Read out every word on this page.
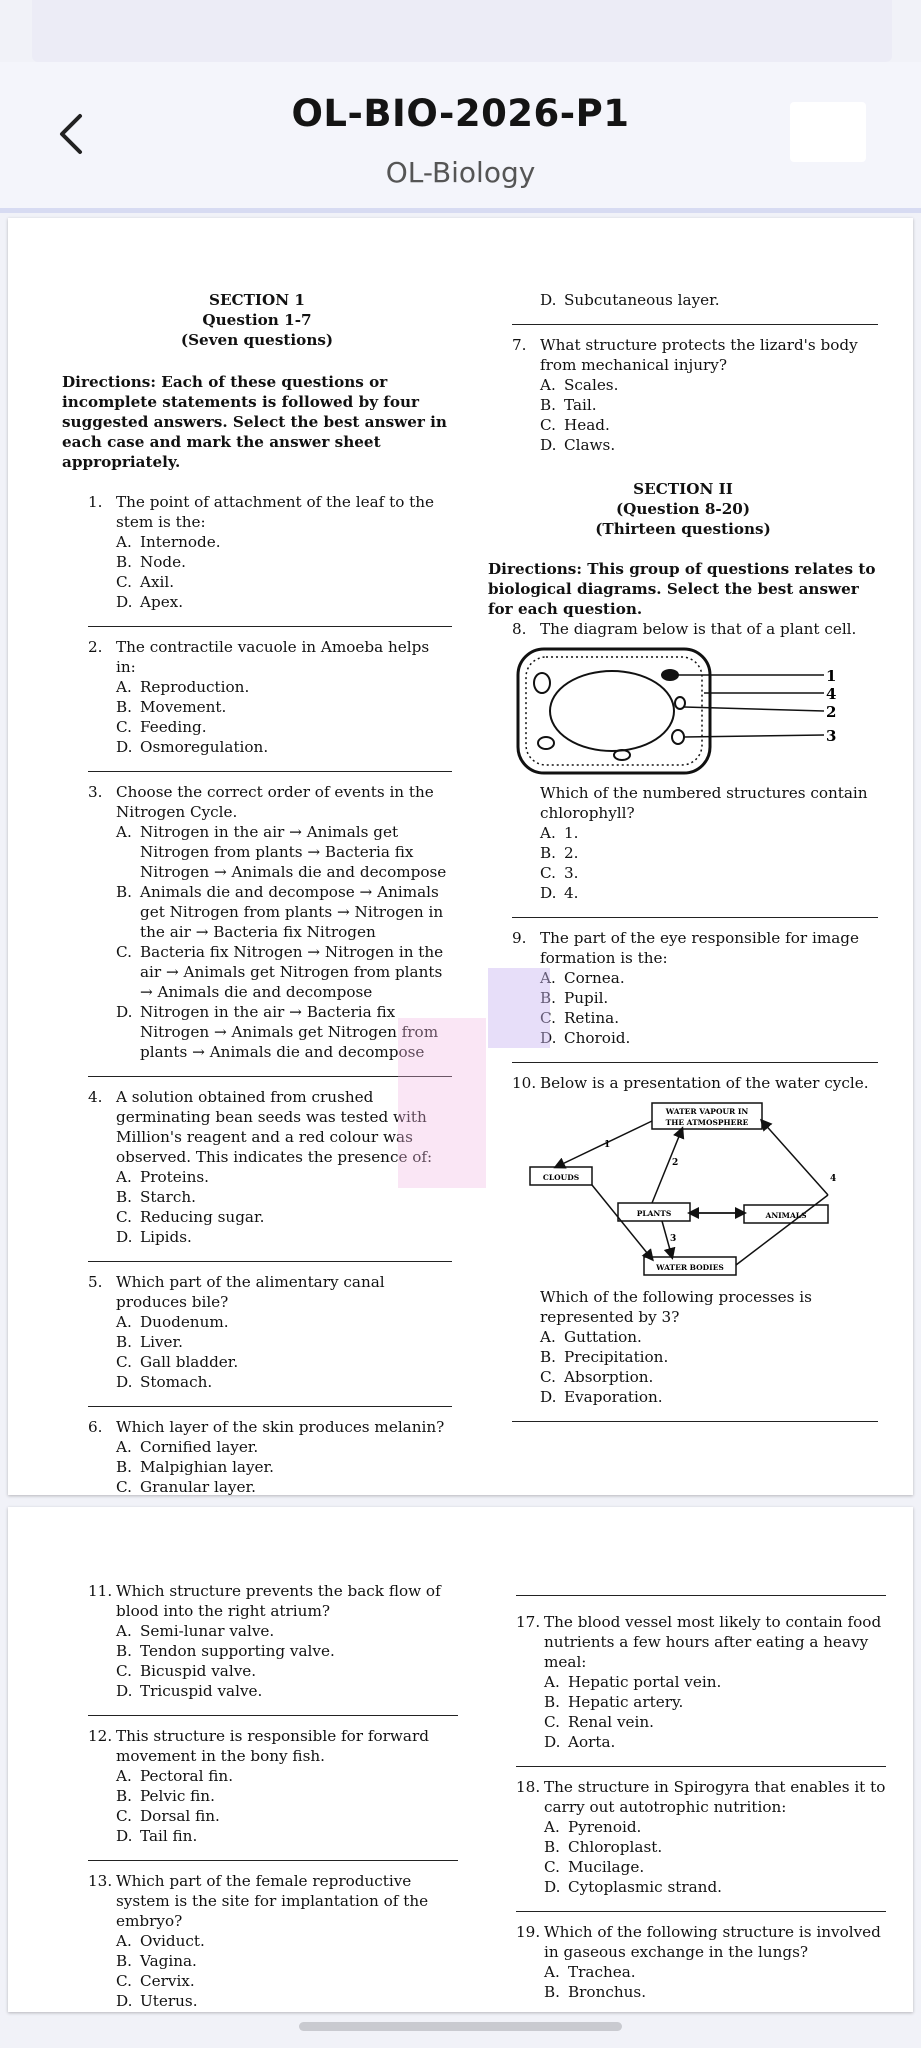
OL-BIO-2026-P1
OL-Biology
SECTION 1
Question 1-7
(Seven questions)
Directions: Each of these questions or incomplete statements is followed by four suggested answers. Select the best answer in each case and mark the answer sheet appropriately.
1. The point of attachment of the leaf to the stem is the:
A. Internode.
B. Node.
C. Axil.
D. Apex.
2. The contractile vacuole in Amoeba helps in:
A. Reproduction.
B. Movement.
C. Feeding.
D. Osmoregulation.
3. Choose the correct order of events in the Nitrogen Cycle.
A. Nitrogen in the air → Animals get Nitrogen from plants → Bacteria fix Nitrogen → Animals die and decompose
B. Animals die and decompose → Animals get Nitrogen from plants → Nitrogen in the air → Bacteria fix Nitrogen
C. Bacteria fix Nitrogen → Nitrogen in the air → Animals get Nitrogen from plants → Animals die and decompose
D. Nitrogen in the air → Bacteria fix Nitrogen → Animals get Nitrogen from plants → Animals die and decompose
4. A solution obtained from crushed germinating bean seeds was tested with Million's reagent and a red colour was observed. This indicates the presence of:
A. Proteins.
B. Starch.
C. Reducing sugar.
D. Lipids.
5. Which part of the alimentary canal produces bile?
A. Duodenum.
B. Liver.
C. Gall bladder.
D. Stomach.
6. Which layer of the skin produces melanin?
A. Cornified layer.
B. Malpighian layer.
C. Granular layer.
D. Subcutaneous layer.
7. What structure protects the lizard's body from mechanical injury?
A. Scales.
B. Tail.
C. Head.
D. Claws.
SECTION II
(Question 8-20)
(Thirteen questions)
Directions: This group of questions relates to biological diagrams. Select the best answer for each question.
8. The diagram below is that of a plant cell.
1
4
2
3
Which of the numbered structures contain chlorophyll?
A. 1.
B. 2.
C. 3.
D. 4.
9. The part of the eye responsible for image formation is the:
A. Cornea.
B. Pupil.
C. Retina.
D. Choroid.
10. Below is a presentation of the water cycle.
WATER VAPOUR IN
THE ATMOSPHERE
CLOUDS
PLANTS	ANIMALS
WATER BODIES
1
2
3
4
Which of the following processes is represented by 3?
A. Guttation.
B. Precipitation.
C. Absorption.
D. Evaporation.
11. Which structure prevents the back flow of blood into the right atrium?
A. Semi-lunar valve.
B. Tendon supporting valve.
C. Bicuspid valve.
D. Tricuspid valve.
12. This structure is responsible for forward movement in the bony fish.
A. Pectoral fin.
B. Pelvic fin.
C. Dorsal fin.
D. Tail fin.
13. Which part of the female reproductive system is the site for implantation of the embryo?
A. Oviduct.
B. Vagina.
C. Cervix.
D. Uterus.
17. The blood vessel most likely to contain food nutrients a few hours after eating a heavy meal:
A. Hepatic portal vein.
B. Hepatic artery.
C. Renal vein.
D. Aorta.
18. The structure in Spirogyra that enables it to carry out autotrophic nutrition:
A. Pyrenoid.
B. Chloroplast.
C. Mucilage.
D. Cytoplasmic strand.
19. Which of the following structure is involved in gaseous exchange in the lungs?
A. Trachea.
B. Bronchus.
